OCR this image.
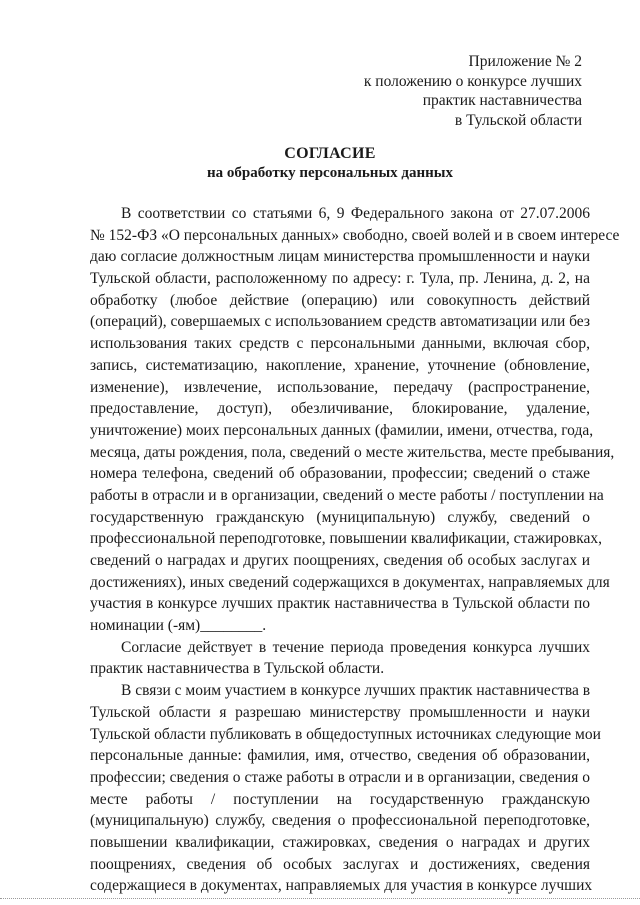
Приложение № 2
к положению о конкурсе лучших
практик наставничества
в Тульской области
СОГЛАСИЕ
на обработку персональных данных
В соответствии со статьями 6, 9 Федерального закона от 27.07.2006
№ 152-ФЗ «О персональных данных» свободно, своей волей и в своем интересе
даю согласие должностным лицам министерства промышленности и науки
Тульской области, расположенному по адресу: г. Тула, пр. Ленина, д. 2, на
обработку (любое действие (операцию) или совокупность действий
(операций), совершаемых с использованием средств автоматизации или без
использования таких средств с персональными данными, включая сбор,
запись, систематизацию, накопление, хранение, уточнение (обновление,
изменение), извлечение, использование, передачу (распространение,
предоставление, доступ), обезличивание, блокирование, удаление,
уничтожение) моих персональных данных (фамилии, имени, отчества, года,
месяца, даты рождения, пола, сведений о месте жительства, месте пребывания,
номера телефона, сведений об образовании, профессии; сведений о стаже
работы в отрасли и в организации, сведений о месте работы / поступлении на
государственную гражданскую (муниципальную) службу, сведений о
профессиональной переподготовке, повышении квалификации, стажировках,
сведений о наградах и других поощрениях, сведения об особых заслугах и
достижениях), иных сведений содержащихся в документах, направляемых для
участия в конкурсе лучших практик наставничества в Тульской области по
номинации (-ям)________.
Согласие действует в течение периода проведения конкурса лучших
практик наставничества в Тульской области.
В связи с моим участием в конкурсе лучших практик наставничества в
Тульской области я разрешаю министерству промышленности и науки
Тульской области публиковать в общедоступных источниках следующие мои
персональные данные: фамилия, имя, отчество, сведения об образовании,
профессии; сведения о стаже работы в отрасли и в организации, сведения о
месте работы / поступлении на государственную гражданскую
(муниципальную) службу, сведения о профессиональной переподготовке,
повышении квалификации, стажировках, сведения о наградах и других
поощрениях, сведения об особых заслугах и достижениях, сведения
содержащиеся в документах, направляемых для участия в конкурсе лучших
